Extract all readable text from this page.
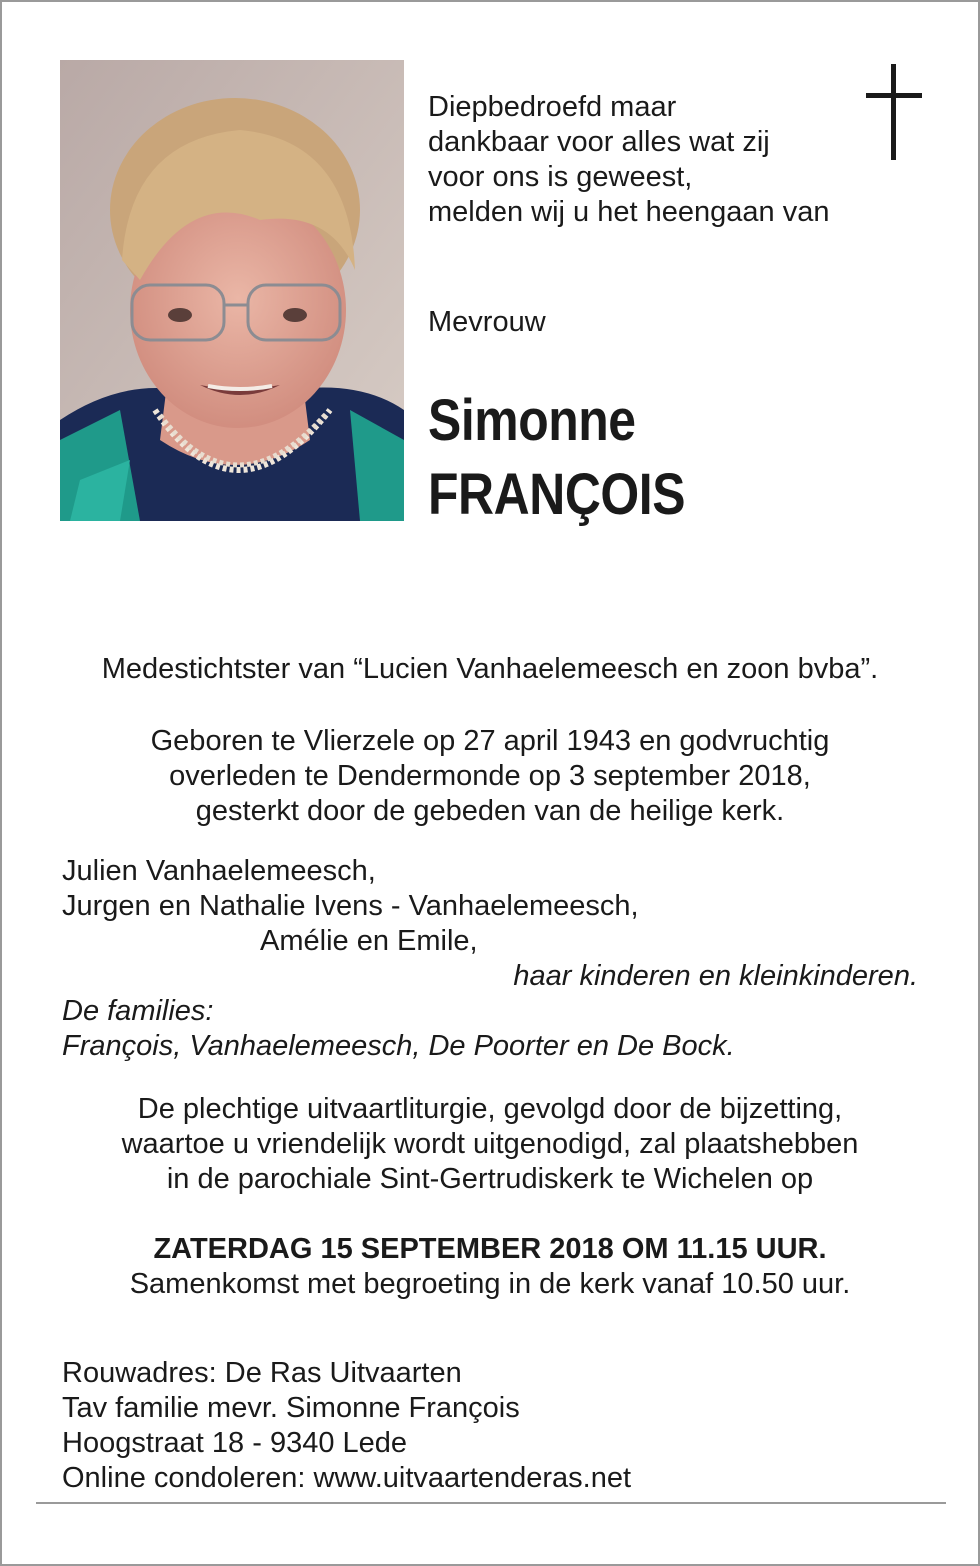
Diepbedroefd maar
dankbaar voor alles wat zij
voor ons is geweest,
melden wij u het heengaan van
Mevrouw
Simonne
FRANÇOIS
Medestichtster van “Lucien Vanhaelemeesch en zoon bvba”.
Geboren te Vlierzele op 27 april 1943 en godvruchtig
overleden te Dendermonde op 3 september 2018,
gesterkt door de gebeden van de heilige kerk.
Julien Vanhaelemeesch,
Jurgen en Nathalie Ivens - Vanhaelemeesch,
Amélie en Emile,
haar kinderen en kleinkinderen.
De families:
François, Vanhaelemeesch, De Poorter en De Bock.
De plechtige uitvaartliturgie, gevolgd door de bijzetting,
waartoe u vriendelijk wordt uitgenodigd, zal plaatshebben
in de parochiale Sint-Gertrudiskerk te Wichelen op
ZATERDAG 15 SEPTEMBER 2018 OM 11.15 UUR.
Samenkomst met begroeting in de kerk vanaf 10.50 uur.
Rouwadres: De Ras Uitvaarten
Tav familie mevr. Simonne François
Hoogstraat 18 - 9340 Lede
Online condoleren: www.uitvaartenderas.net
